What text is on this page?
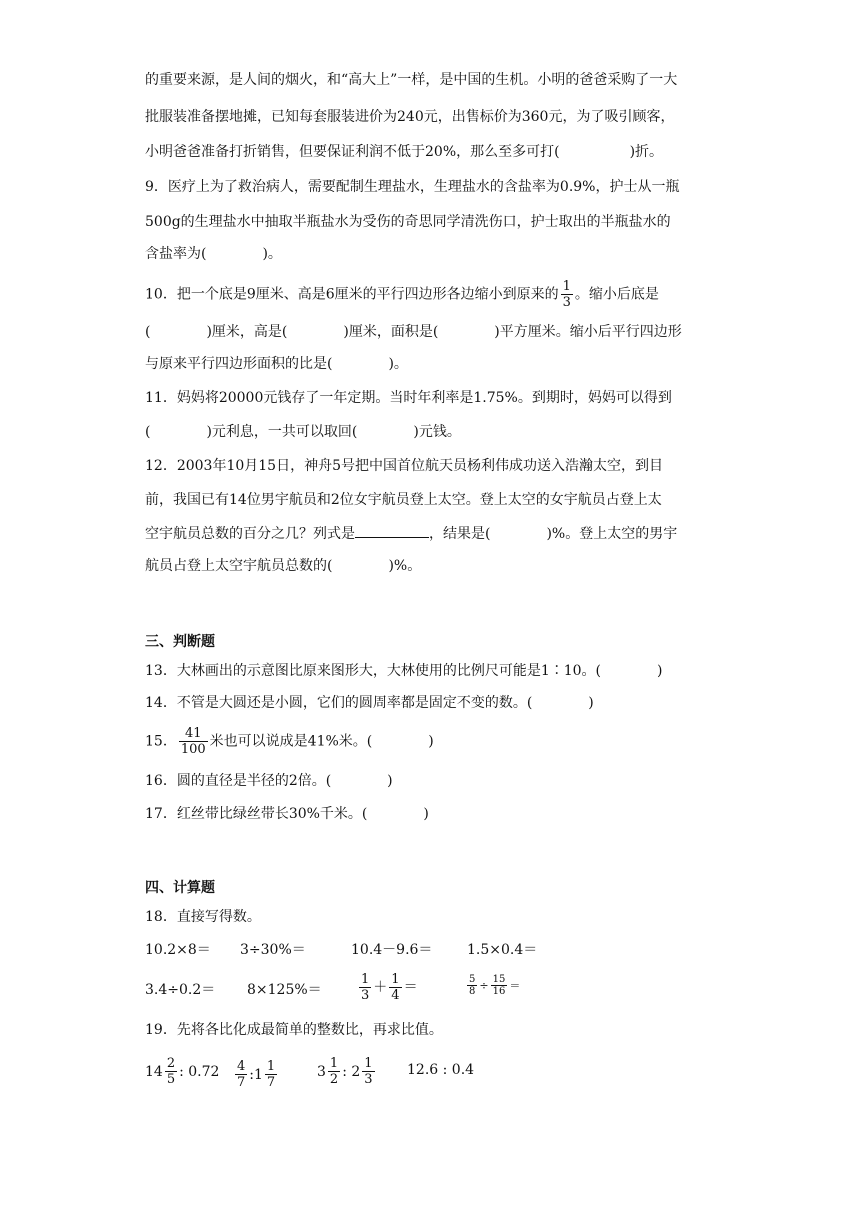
的重要来源，是人间的烟火，和“高大上”一样，是中国的生机。小明的爸爸采购了一大
批服装准备摆地摊，已知每套服装进价为240元，出售标价为360元，为了吸引顾客，
小明爸爸准备打折销售，但要保证利润不低于20%，那么至多可打(　　　　　)折。
9．医疗上为了救治病人，需要配制生理盐水，生理盐水的含盐率为0.9%，护士从一瓶
500g的生理盐水中抽取半瓶盐水为受伤的奇思同学清洗伤口，护士取出的半瓶盐水的
含盐率为(　　　　)。
10．把一个底是9厘米、高是6厘米的平行四边形各边缩小到原来的 $\frac{1}{3}$ 。缩小后底是
(　　　　)厘米，高是(　　　　)厘米，面积是(　　　　)平方厘米。缩小后平行四边形
与原来平行四边形面积的比是(　　　　)。
11．妈妈将20000元钱存了一年定期。当时年利率是1.75%。到期时，妈妈可以得到
(　　　　)元利息，一共可以取回(　　　　)元钱。
12．2003年10月15日，神舟5号把中国首位航天员杨利伟成功送入浩瀚太空，到目
前，我国已有14位男宇航员和2位女宇航员登上太空。登上太空的女宇航员占登上太
空宇航员总数的百分之几？列式是	，结果是(　　　　)%。登上太空的男宇
航员占登上太空宇航员总数的(　　　　)%。
三、判断题
13．大林画出的示意图比原来图形大，大林使用的比例尺可能是1∶10。(　　　　)
14．不管是大圆还是小圆，它们的圆周率都是固定不变的数。(　　　　)
15． $\frac{41}{100}$ 米也可以说成是41%米。(　　　　)
16．圆的直径是半径的2倍。(　　　　)
17．红丝带比绿丝带长30%千米。(　　　　)
四、计算题
18．直接写得数。
10.2×8＝ 3÷30%＝	10.4－9.6＝ 1.5×0.4＝
3.4÷0.2＝ 8×125%＝	$\frac{1}{3} + \frac{1}{4}$ ＝	$\frac{5}{8} \div \frac{15}{16}$ ＝
19．先将各比化成最简单的整数比，再求比值。
$14 \frac{2}{5}$ : $0.72 \frac{4}{7}$ :1 $\frac{1}{7}$	$3 \frac{1}{2}$ : $2 \frac{1}{3} 12.6$ : 0.4
